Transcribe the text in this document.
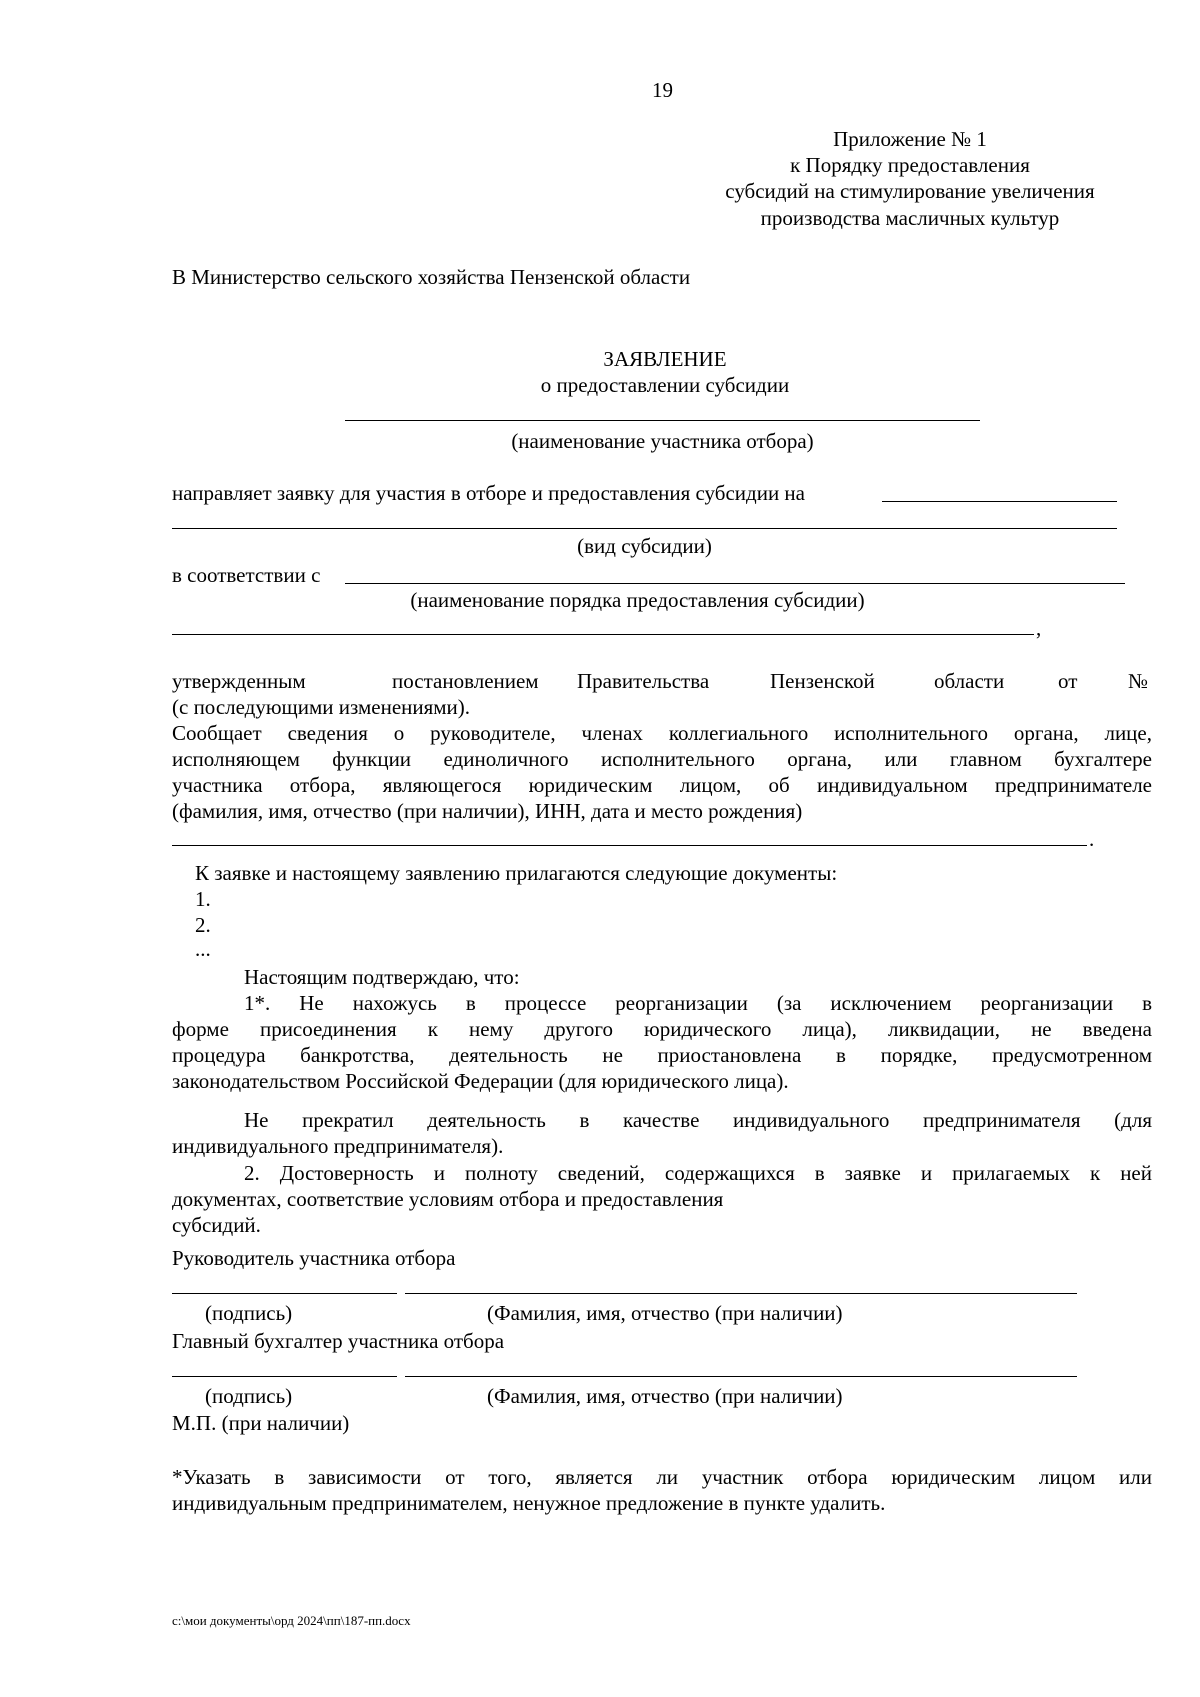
19
Приложение № 1
к Порядку предоставления
субсидий на стимулирование увеличения
производства масличных культур
В Министерство сельского хозяйства Пензенской области
ЗАЯВЛЕНИЕ
о предоставлении субсидии
(наименование участника отбора)
направляет заявку для участия в отборе и предоставления субсидии на
(вид субсидии)
в соответствии с
(наименование порядка предоставления субсидии)
,
утвержденным	постановлением Правительства	Пензенской	области	от №
(с последующими изменениями).
Сообщает сведения о руководителе, членах коллегиального исполнительного органа, лице,
исполняющем функции единоличного исполнительного органа, или главном бухгалтере
участника отбора, являющегося юридическим лицом, об индивидуальном предпринимателе
(фамилия, имя, отчество (при наличии), ИНН, дата и место рождения)
.
К заявке и настоящему заявлению прилагаются следующие документы:
1.
2.
...
Настоящим подтверждаю, что:
1*. Не нахожусь в процессе реорганизации (за исключением реорганизации в
форме присоединения к нему другого юридического лица), ликвидации, не введена
процедура банкротства, деятельность не приостановлена в порядке, предусмотренном
законодательством Российской Федерации (для юридического лица).
Не прекратил деятельность в качестве индивидуального предпринимателя (для
индивидуального предпринимателя).
2. Достоверность и полноту сведений, содержащихся в заявке и прилагаемых к ней
документах, соответствие условиям отбора и предоставления
субсидий.
Руководитель участника отбора
(подпись)	(Фамилия, имя, отчество (при наличии)
Главный бухгалтер участника отбора
(подпись)	(Фамилия, имя, отчество (при наличии)
М.П. (при наличии)
*Указать в зависимости от того, является ли участник отбора юридическим лицом или
индивидуальным предпринимателем, ненужное предложение в пункте удалить.
c:\мои документы\орд 2024\пп\187-пп.docx
